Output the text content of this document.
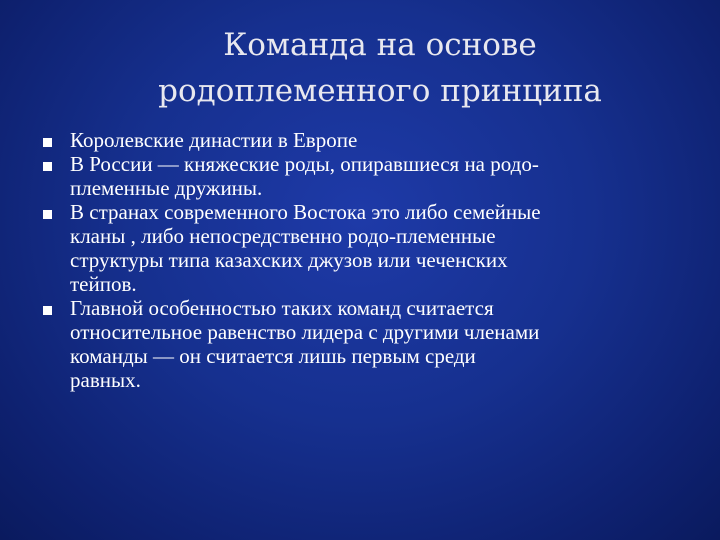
Команда на основе
родоплеменного принципа
Королевские династии в Европе
В России — княжеские роды, опиравшиеся на родо-
племенные дружины.
В странах современного Востока это либо семейные
кланы , либо непосредственно родо-племенные
структуры типа казахских джузов или чеченских
тейпов.
Главной особенностью таких команд считается
относительное равенство лидера с другими членами
команды — он считается лишь первым среди
равных.
